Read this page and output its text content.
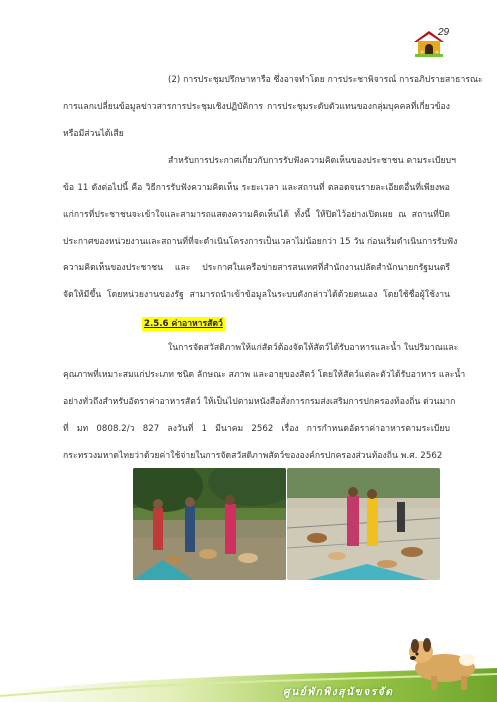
29
(2) การประชุมปรึกษาหารือ ซึ่งอาจทำโดย การประชาพิจารณ์ การอภิปรายสาธารณะ
การแลกเปลี่ยนข้อมูลข่าวสารการประชุมเชิงปฏิบัติการ การประชุมระดับตัวแทนของกลุ่มบุคคลที่เกี่ยวข้อง
หรือมีส่วนได้เสีย
สำหรับการประกาศเกี่ยวกับการรับฟังความคิดเห็นของประชาชน ตามระเบียบฯ
ข้อ 11 ดังต่อไปนี้ คือ วิธีการรับฟังความคิดเห็น ระยะเวลา และสถานที่ ตลอดจนรายละเอียดอื่นที่เพียงพอ
แก่การที่ประชาชนจะเข้าใจและสามารถแสดงความคิดเห็นได้ ทั้งนี้ ให้ปิดไว้อย่างเปิดเผย ณ สถานที่ปิด
ประกาศของหน่วยงานและสถานที่ที่จะดำเนินโครงการเป็นเวลาไม่น้อยกว่า 15 วัน ก่อนเริ่มดำเนินการรับฟัง
ความคิดเห็นของประชาชน และ ประกาศในเครือข่ายสารสนเทศที่สำนักงานปลัดสำนักนายกรัฐมนตรี
จัดให้มีขึ้น โดยหน่วยงานของรัฐ สามารถนำเข้าข้อมูลในระบบดังกล่าวได้ด้วยตนเอง โดยใช้ชื่อผู้ใช้งาน
2.5.6 ค่าอาหารสัตว์
ในการจัดสวัสดิภาพให้แก่สัตว์ต้องจัดให้สัตว์ได้รับอาหารและน้ำ ในปริมาณและ
คุณภาพที่เหมาะสมแก่ประเภท ชนิด ลักษณะ สภาพ และอายุของสัตว์ โดยให้สัตว์แต่ละตัวได้รับอาหาร และน้ำ
อย่างทั่วถึงสำหรับอัตราค่าอาหารสัตว์ ให้เป็นไปตามหนังสือสั่งการกรมส่งเสริมการปกครองท้องถิ่น ด่วนมาก
ที่ มท 0808.2/ว 827 ลงวันที่ 1 มีนาคม 2562 เรื่อง การกำหนดอัตราค่าอาหารตามระเบียบ
กระทรวงมหาดไทยว่าด้วยค่าใช้จ่ายในการจัดสวัสดิภาพสัตว์ขององค์กรปกครองส่วนท้องถิ่น พ.ศ. 2562
ศูนย์พักพิงสุนัขจรจัด
